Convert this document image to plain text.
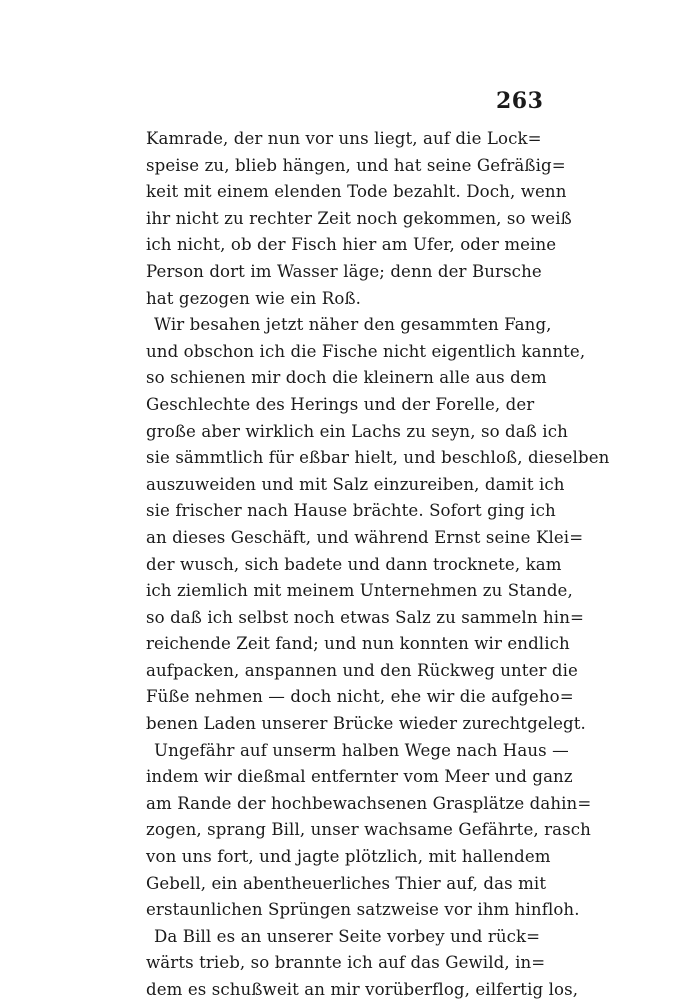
263
Kamrade, der nun vor uns liegt, auf die Lock=
speise zu, blieb hängen, und hat seine Gefräßig=
keit mit einem elenden Tode bezahlt. Doch, wenn
ihr nicht zu rechter Zeit noch gekommen, so weiß
ich nicht, ob der Fisch hier am Ufer, oder meine
Person dort im Wasser läge; denn der Bursche
hat gezogen wie ein Roß.
Wir besahen jetzt näher den gesammten Fang,
und obschon ich die Fische nicht eigentlich kannte,
so schienen mir doch die kleinern alle aus dem
Geschlechte des Herings und der Forelle, der
große aber wirklich ein Lachs zu seyn, so daß ich
sie sämmtlich für eßbar hielt, und beschloß, dieselben
auszuweiden und mit Salz einzureiben, damit ich
sie frischer nach Hause brächte. Sofort ging ich
an dieses Geschäft, und während Ernst seine Klei=
der wusch, sich badete und dann trocknete, kam
ich ziemlich mit meinem Unternehmen zu Stande,
so daß ich selbst noch etwas Salz zu sammeln hin=
reichende Zeit fand; und nun konnten wir endlich
aufpacken, anspannen und den Rückweg unter die
Füße nehmen — doch nicht, ehe wir die aufgeho=
benen Laden unserer Brücke wieder zurechtgelegt.
Ungefähr auf unserm halben Wege nach Haus —
indem wir dießmal entfernter vom Meer und ganz
am Rande der hochbewachsenen Grasplätze dahin=
zogen, sprang Bill, unser wachsame Gefährte, rasch
von uns fort, und jagte plötzlich, mit hallendem
Gebell, ein abentheuerliches Thier auf, das mit
erstaunlichen Sprüngen satzweise vor ihm hinfloh.
Da Bill es an unserer Seite vorbey und rück=
wärts trieb, so brannte ich auf das Gewild, in=
dem es schußweit an mir vorüberflog, eilfertig los,
